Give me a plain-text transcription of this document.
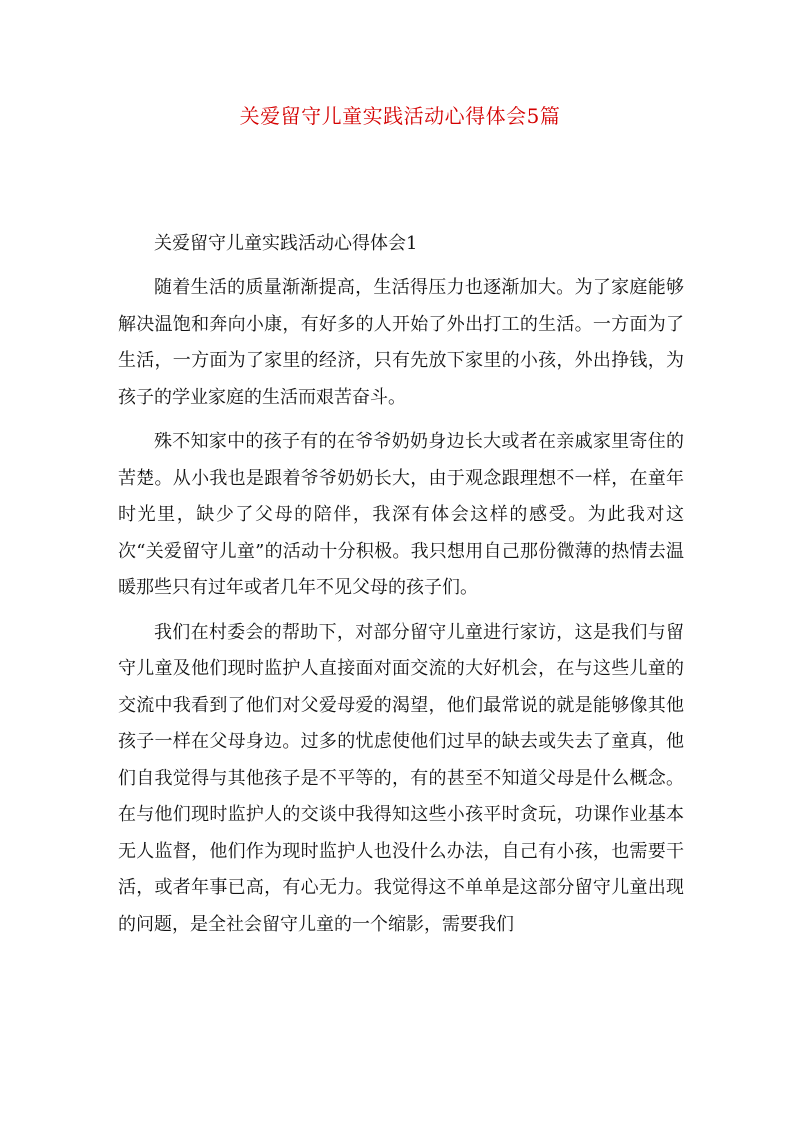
关爱留守儿童实践活动心得体会5篇

关爱留守儿童实践活动心得体会1

随着生活的质量渐渐提高，生活得压力也逐渐加大。为了家庭能够解决温饱和奔向小康，有好多的人开始了外出打工的生活。一方面为了生活，一方面为了家里的经济，只有先放下家里的小孩，外出挣钱，为孩子的学业家庭的生活而艰苦奋斗。

殊不知家中的孩子有的在爷爷奶奶身边长大或者在亲戚家里寄住的苦楚。从小我也是跟着爷爷奶奶长大，由于观念跟理想不一样，在童年时光里，缺少了父母的陪伴，我深有体会这样的感受。为此我对这次“关爱留守儿童”的活动十分积极。我只想用自己那份微薄的热情去温暖那些只有过年或者几年不见父母的孩子们。

我们在村委会的帮助下，对部分留守儿童进行家访，这是我们与留守儿童及他们现时监护人直接面对面交流的大好机会，在与这些儿童的交流中我看到了他们对父爱母爱的渴望，他们最常说的就是能够像其他孩子一样在父母身边。过多的忧虑使他们过早的缺去或失去了童真，他们自我觉得与其他孩子是不平等的，有的甚至不知道父母是什么概念。在与他们现时监护人的交谈中我得知这些小孩平时贪玩，功课作业基本无人监督，他们作为现时监护人也没什么办法，自己有小孩，也需要干活，或者年事已高，有心无力。我觉得这不单单是这部分留守儿童出现的问题，是全社会留守儿童的一个缩影，需要我们
